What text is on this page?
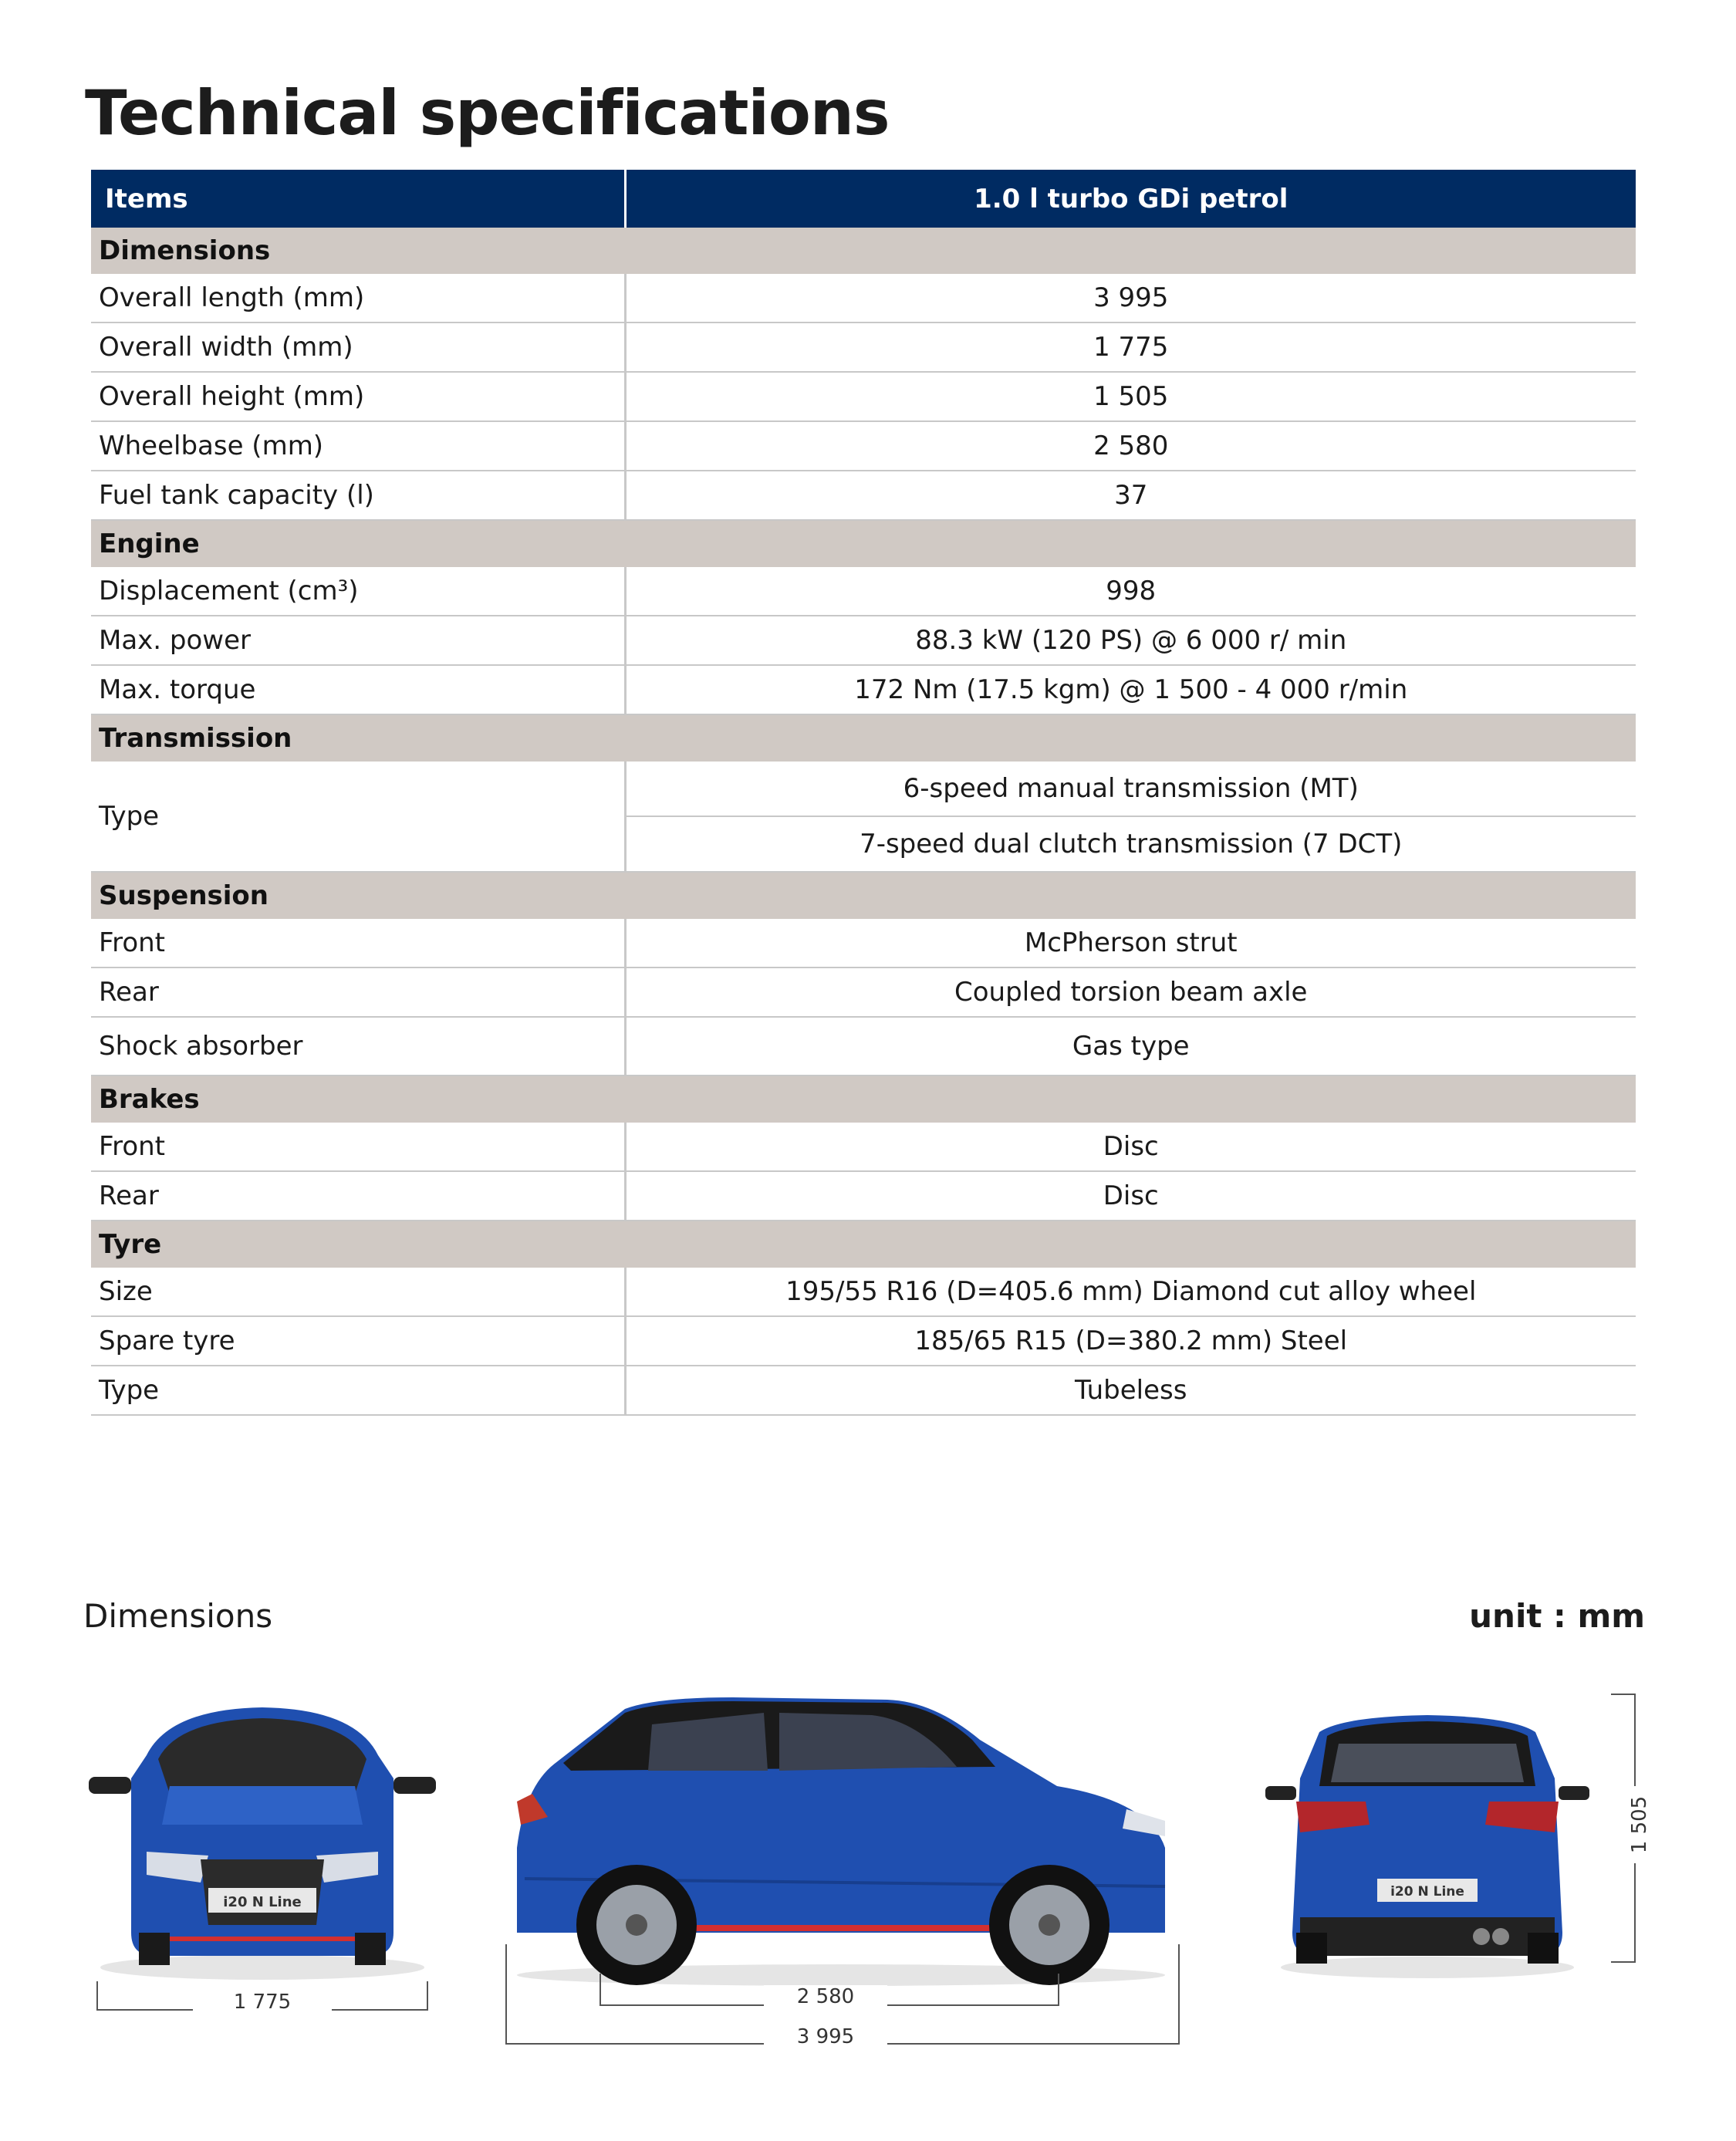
Technical specifications
Items	1.0 l turbo GDi petrol
Dimensions	
Overall length (mm)	3 995
Overall width (mm)	1 775
Overall height (mm)	1 505
Wheelbase (mm)	2 580
Fuel tank capacity (l)	37
Engine	
Displacement (cm³)	998
Max. power	88.3 kW (120 PS) @ 6 000 r/ min
Max. torque	172 Nm (17.5 kgm) @ 1 500 - 4 000 r/min
Transmission	
Type	6-speed manual transmission (MT)
	7-speed dual clutch transmission (7 DCT)
Suspension	
Front	McPherson strut
Rear	Coupled torsion beam axle
Shock absorber	Gas type
Brakes	
Front	Disc
Rear	Disc
Tyre	
Size	195/55 R16 (D=405.6 mm) Diamond cut alloy wheel
Spare tyre	185/65 R15 (D=380.2 mm) Steel
Type	Tubeless
Dimensions	unit : mm
i20 N Line
1 775	2 580
3 995
i20 N Line
1 505
